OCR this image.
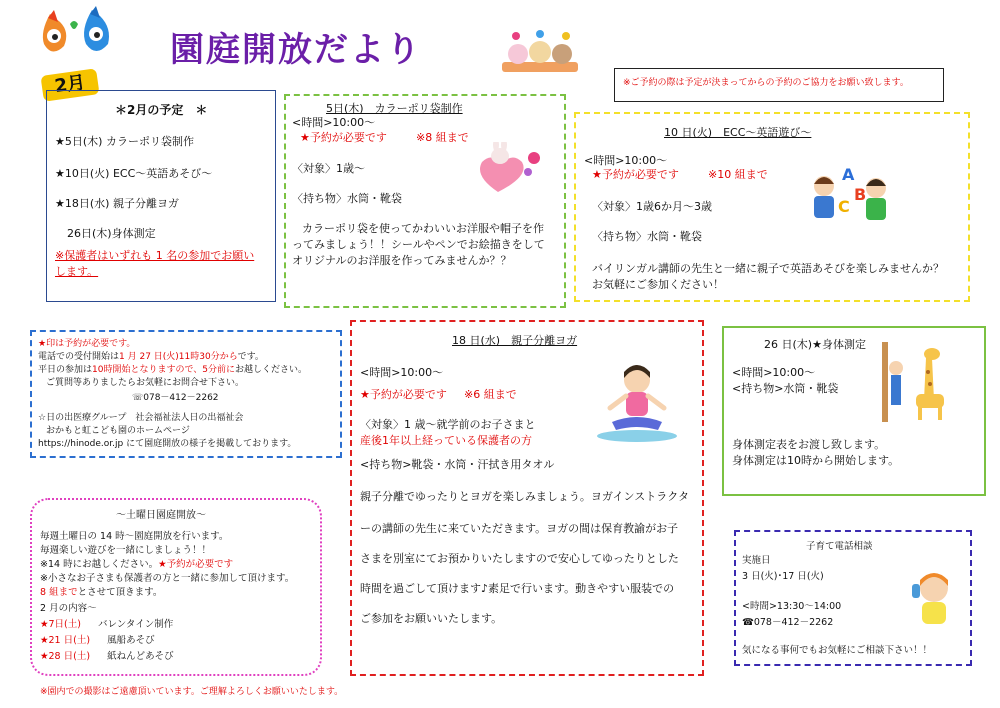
2月
園庭開放だより
※ご予約の際は予定が決まってからの予約のご協力をお願い致します。
＊2月の予定　＊
★5日(木) カラーポリ袋制作
★10日(火) ECC～英語あそび～
★18日(水) 親子分離ヨガ
26日(木)身体測定
※保護者はいずれも 1 名の参加でお願い
します。
5日(木)　カラーポリ袋制作
<時間>10:00～
★予約が必要です	※8 組まで
〈対象〉1歳～
〈持ち物〉水筒・靴袋
カラーポリ袋を使ってかわいいお洋服や帽子を作
ってみましょう！！シールやペンでお絵描きをして
オリジナルのお洋服を作ってみませんか？？
10 日(火)　ECC～英語遊び～
<時間>10:00～
★予約が必要です	※10 組まで
〈対象〉1歳6か月～3歳
〈持ち物〉水筒・靴袋
バイリンガル講師の先生と一緒に親子で英語あそびを楽しみませんか？
お気軽にご参加ください！
A
B
C
★印は予約が必要です。
電話での受付開始は1 月 27 日(火)11時30分からです。
平日の参加は10時開始となりますので、5分前にお越しください。
ご質問等ありましたらお気軽にお問合せ下さい。
☏078－412－2262
☆日の出医療グループ　社会福祉法人日の出福祉会
おかもと虹こども園のホームページ
https://hinode.or.jp にて園庭開放の様子を掲載しております。
18 日(水)　親子分離ヨガ
<時間>10:00～
★予約が必要です ※6 組まで
〈対象〉1 歳～就学前のお子さまと
産後1年以上経っている保護者の方
<持ち物>靴袋・水筒・汗拭き用タオル
親子分離でゆったりとヨガを楽しみましょう。ヨガインストラクタ
ーの講師の先生に来ていただきます。ヨガの間は保育教諭がお子
さまを別室にてお預かりいたしますので安心してゆったりとした
時間を過ごして頂けます♪素足で行います。動きやすい服装での
ご参加をお願いいたします。
26 日(木)★身体測定
<時間>10:00～
<持ち物>水筒・靴袋
身体測定表をお渡し致します。
身体測定は10時から開始します。
～土曜日園庭開放～
毎週土曜日の 14 時～園庭開放を行います。
毎週楽しい遊びを一緒にしましょう！！
※14 時にお越しください。★予約が必要です
※小さなお子さまも保護者の方と一緒に参加して頂けます。
8 組までとさせて頂きます。
2 月の内容～
★7日(土) バレンタイン制作
★21 日(土) 風船あそび
★28 日(土) 紙ねんどあそび
子育て電話相談
実施日
3 日(火)･17 日(火)
<時間>13:30～14:00
☎078－412－2262
気になる事何でもお気軽にご相談下さい！！
※園内での撮影はご遠慮頂いています。ご理解よろしくお願いいたします。
